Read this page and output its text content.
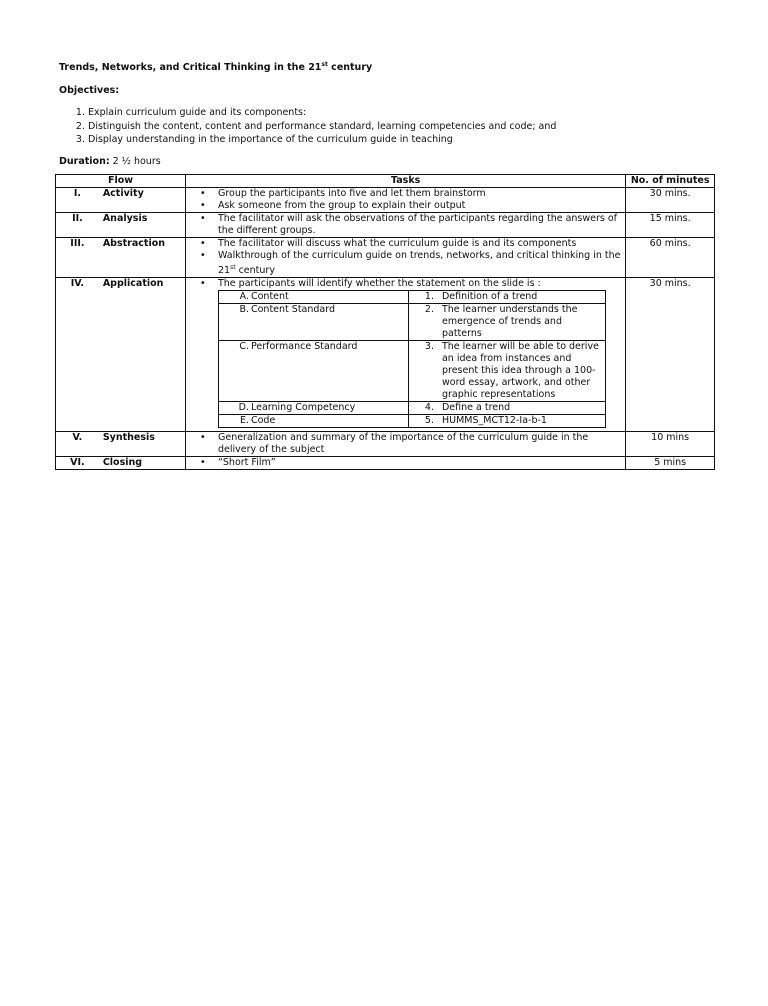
Trends, Networks, and Critical Thinking in the 21st century

Objectives:
1. Explain curriculum guide and its components:
2. Distinguish the content, content and performance standard, learning competencies and code; and
3. Display understanding in the importance of the curriculum guide in teaching
Duration: 2 ½ hours
Flow	Tasks	No. of minutes
I.	Activity	• Group the participants into five and let them brainstorm
• Ask someone from the group to explain their output
	30 mins.
II.	Analysis	• The facilitator will ask the observations of the participants regarding the answers of the different groups.
	15 mins.
III.	Abstraction	• The facilitator will discuss what the curriculum guide is and its components
• Walkthrough of the curriculum guide on trends, networks, and critical thinking in the 21st century
	60 mins.
IV.	Application	• The participants will identify whether the statement on the slide is :
A. Content	1. Definition of a trend

B. Content Standard	2. The learner understands the emergence of trends and patterns

C. Performance Standard	3. The learner will be able to derive an idea from instances and present this idea through a 100-word essay, artwork, and other graphic representations

D. Learning Competency	4. Define a trend

E. Code	5. HUMMS_MCT12-Ia-b-1
	30 mins.
V.	Synthesis	• Generalization and summary of the importance of the curriculum guide in the delivery of the subject
	10 mins
VI.	Closing	• “Short Film”	5 mins
